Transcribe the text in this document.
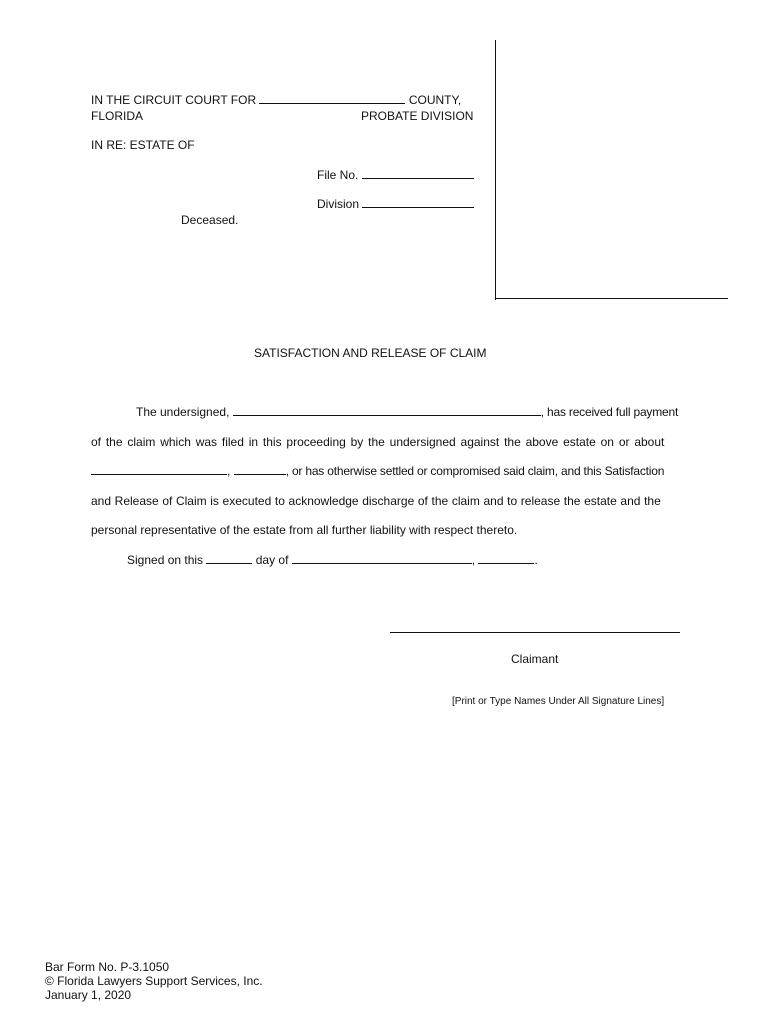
IN THE CIRCUIT COURT FOR	COUNTY,
FLORIDA	PROBATE DIVISION
IN RE: ESTATE OF
File No.
Division
Deceased.
SATISFACTION AND RELEASE OF CLAIM
The undersigned,	, has received full payment
of the claim which was filed in this proceeding by the undersigned against the above estate on or about
,	, or has otherwise settled or compromised said claim, and this Satisfaction
and Release of Claim is executed to acknowledge discharge of the claim and to release the estate and the
personal representative of the estate from all further liability with respect thereto.
Signed on this	day of	,	.
Claimant
[Print or Type Names Under All Signature Lines]
Bar Form No. P-3.1050
© Florida Lawyers Support Services, Inc.
January 1, 2020
